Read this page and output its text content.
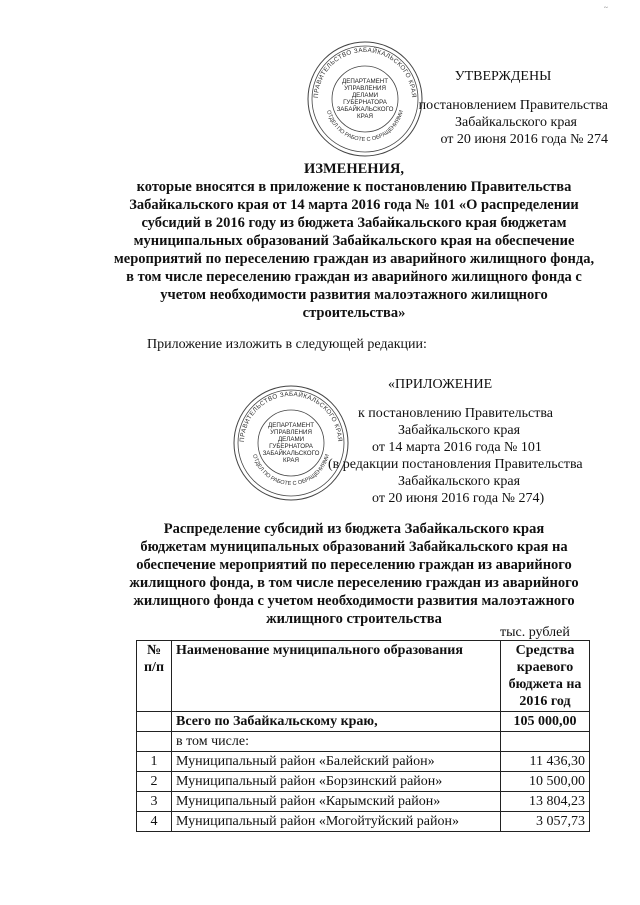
~
ПРАВИТЕЛЬСТВО ЗАБАЙКАЛЬСКОГО КРАЯ
ОТДЕЛ ПО РАБОТЕ С ОБРАЩЕНИЯМИ
ДЕПАРТАМЕНТ
УПРАВЛЕНИЯ
ДЕЛАМИ
ГУБЕРНАТОРА
ЗАБАЙКАЛЬСКОГО
КРАЯ
УТВЕРЖДЕНЫ
постановлением Правительства
Забайкальского края
от 20 июня 2016 года № 274
ИЗМЕНЕНИЯ,
которые вносятся в приложение к постановлению Правительства
Забайкальского края от 14 марта 2016 года № 101 «О распределении
субсидий в 2016 году из бюджета Забайкальского края бюджетам
муниципальных образований Забайкальского края на обеспечение
мероприятий по переселению граждан из аварийного жилищного фонда,
в том числе переселению граждан из аварийного жилищного фонда с
учетом необходимости развития малоэтажного жилищного
строительства»
Приложение изложить в следующей редакции:
ПРАВИТЕЛЬСТВО ЗАБАЙКАЛЬСКОГО КРАЯ
ОТДЕЛ ПО РАБОТЕ С ОБРАЩЕНИЯМИ
ДЕПАРТАМЕНТ
УПРАВЛЕНИЯ
ДЕЛАМИ
ГУБЕРНАТОРА
ЗАБАЙКАЛЬСКОГО
КРАЯ
«ПРИЛОЖЕНИЕ
к постановлению Правительства
Забайкальского края
от 14 марта 2016 года № 101
(в редакции постановления Правительства
Забайкальского края
от 20 июня 2016 года № 274)
Распределение субсидий из бюджета Забайкальского края
бюджетам муниципальных образований Забайкальского края на
обеспечение мероприятий по переселению граждан из аварийного
жилищного фонда, в том числе переселению граждан из аварийного
жилищного фонда с учетом необходимости развития малоэтажного
жилищного строительства
тыс. рублей
№ п/п	Наименование муниципального образования	Средства краевого бюджета на 2016 год
	Всего по Забайкальскому краю,	105 000,00
	в том числе:	
1	Муниципальный район «Балейский район»	11 436,30
2	Муниципальный район «Борзинский район»	10 500,00
3	Муниципальный район «Карымский район»	13 804,23
4	Муниципальный район «Могойтуйский район»	3 057,73
